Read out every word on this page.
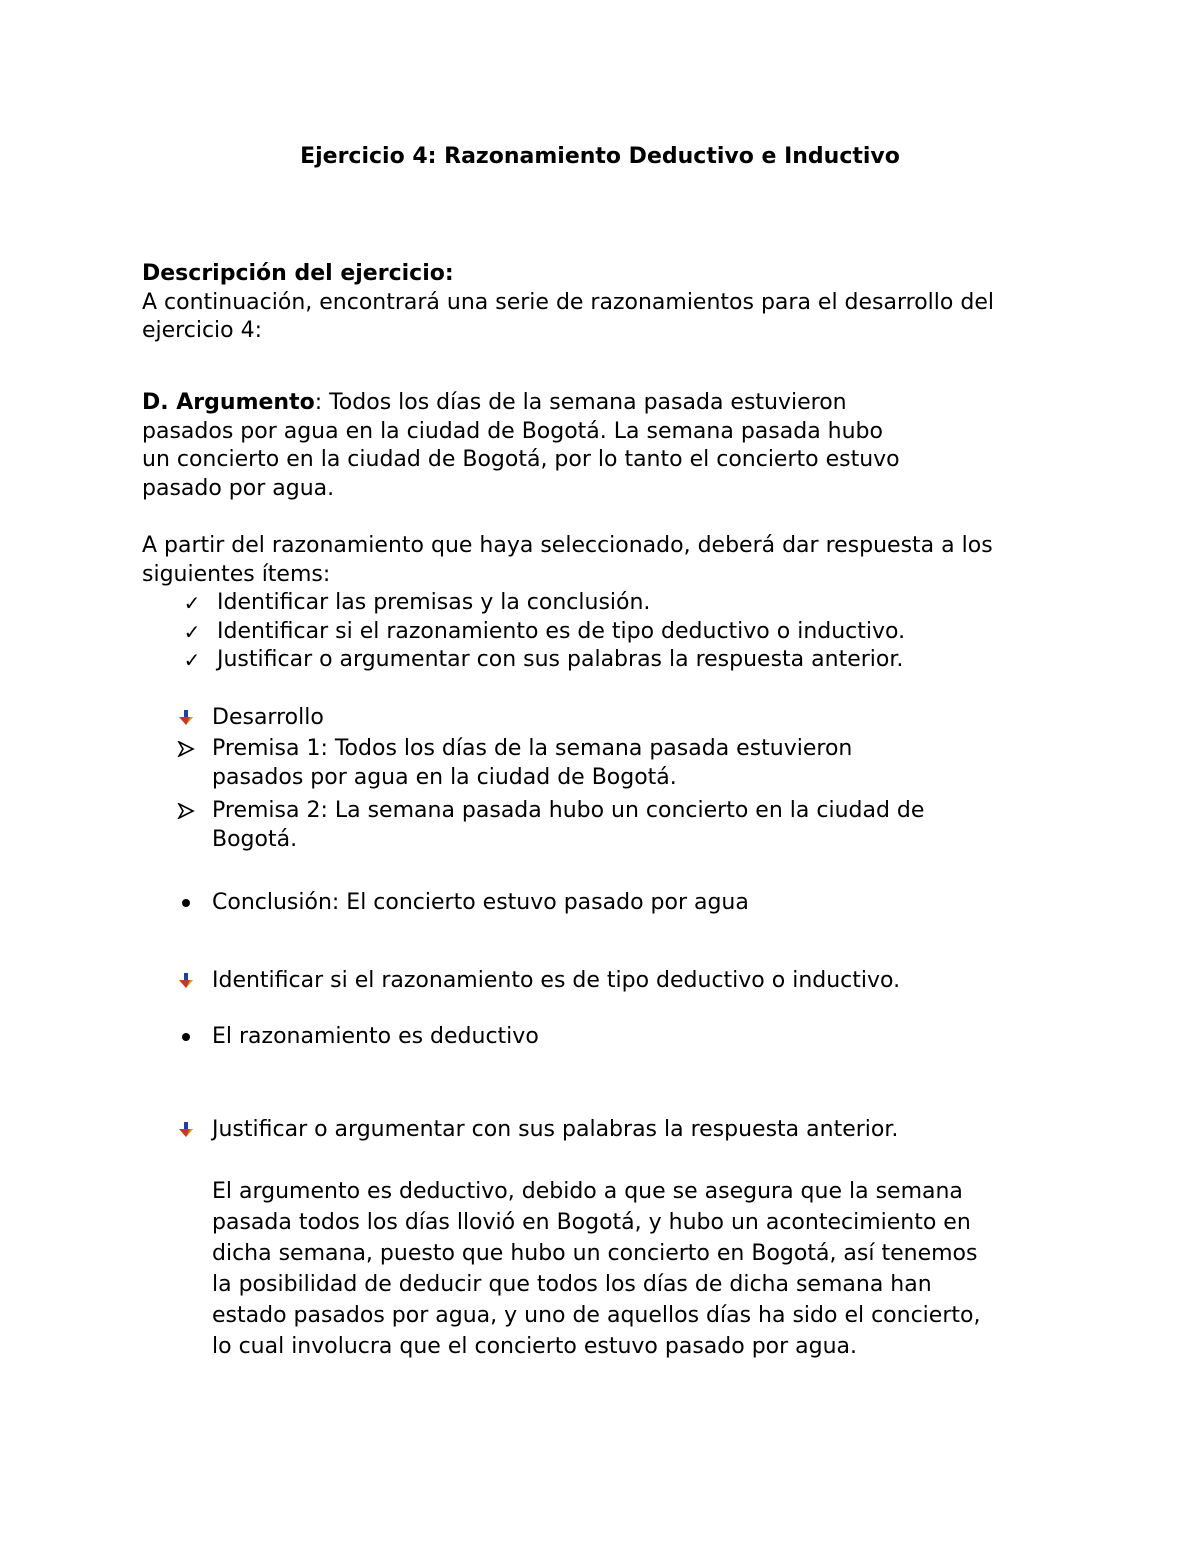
Ejercicio 4: Razonamiento Deductivo e Inductivo
Descripción del ejercicio:
A continuación, encontrará una serie de razonamientos para el desarrollo del
ejercicio 4:
D. Argumento: Todos los días de la semana pasada estuvieron
pasados por agua en la ciudad de Bogotá. La semana pasada hubo
un concierto en la ciudad de Bogotá, por lo tanto el concierto estuvo
pasado por agua.
A partir del razonamiento que haya seleccionado, deberá dar respuesta a los
siguientes ítems:
✓ Identificar las premisas y la conclusión.
✓ Identificar si el razonamiento es de tipo deductivo o inductivo.
✓ Justificar o argumentar con sus palabras la respuesta anterior.
Desarrollo
Premisa 1: Todos los días de la semana pasada estuvieron
pasados por agua en la ciudad de Bogotá.
Premisa 2: La semana pasada hubo un concierto en la ciudad de
Bogotá.
Conclusión: El concierto estuvo pasado por agua
Identificar si el razonamiento es de tipo deductivo o inductivo.
El razonamiento es deductivo
Justificar o argumentar con sus palabras la respuesta anterior.
El argumento es deductivo, debido a que se asegura que la semana
pasada todos los días llovió en Bogotá, y hubo un acontecimiento en
dicha semana, puesto que hubo un concierto en Bogotá, así tenemos
la posibilidad de deducir que todos los días de dicha semana han
estado pasados por agua, y uno de aquellos días ha sido el concierto,
lo cual involucra que el concierto estuvo pasado por agua.
